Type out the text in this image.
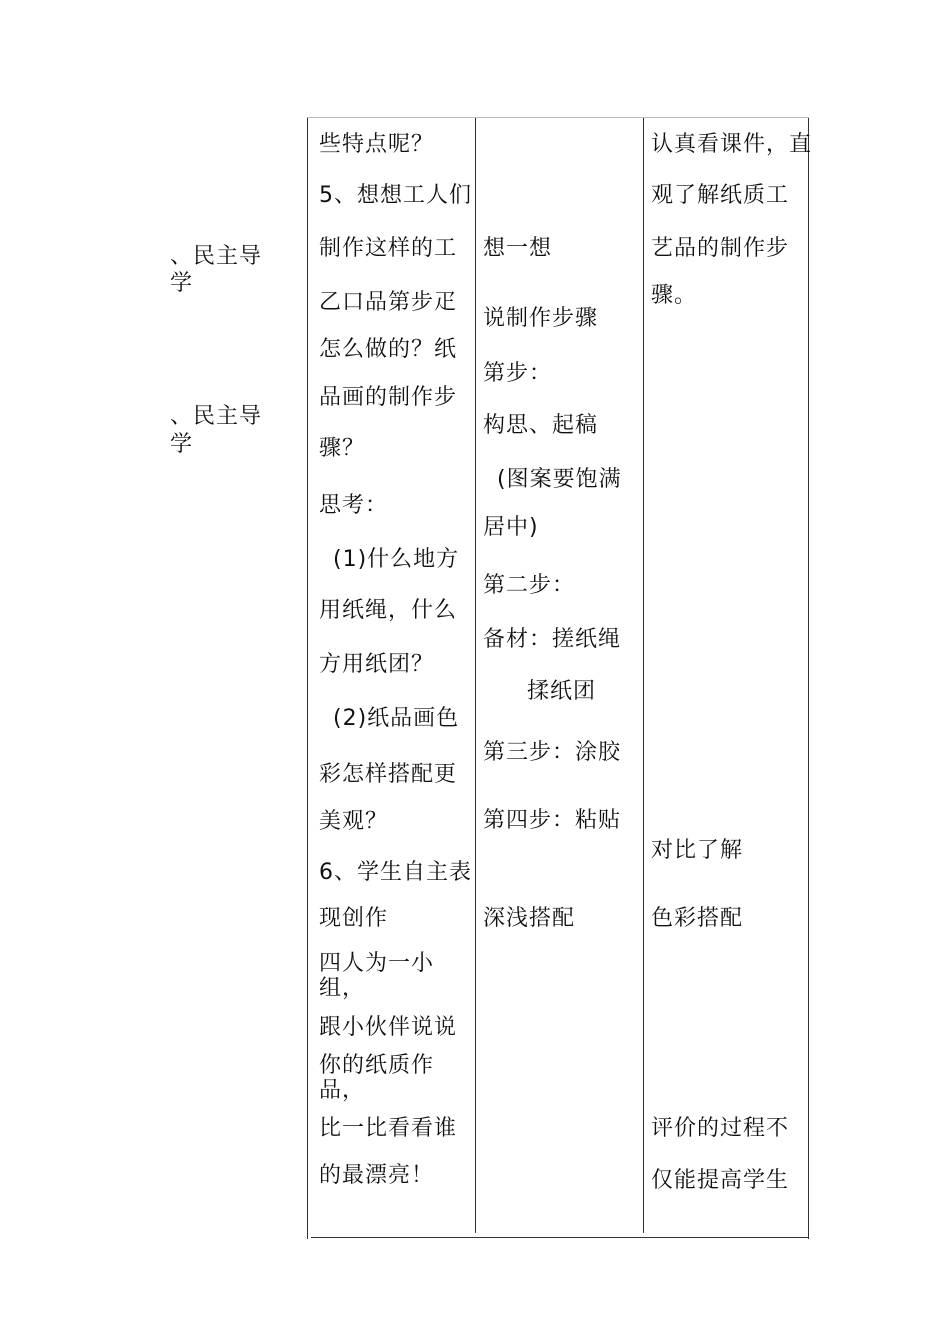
、民主导
学
、民主导
学
些特点呢？
5、想想工人们
制作这样的工
乙口品第步疋
怎么做的？纸
品画的制作步
骤？
思考：
(1)什么地方
用纸绳，什么
方用纸团？
(2)纸品画色
彩怎样搭配更
美观？
6、学生自主表
现创作
四人为一小
组，
跟小伙伴说说
你的纸质作
品，
比一比看看谁
的最漂亮！
想一想
说制作步骤
第步：
构思、起稿
(图案要饱满
居中)
第二步：
备材：搓纸绳
揉纸团
第三步：涂胶
第四步：粘贴
深浅搭配
认真看课件，直
观了解纸质工
艺品的制作步
骤。
对比了解
色彩搭配
评价的过程不
仅能提高学生
